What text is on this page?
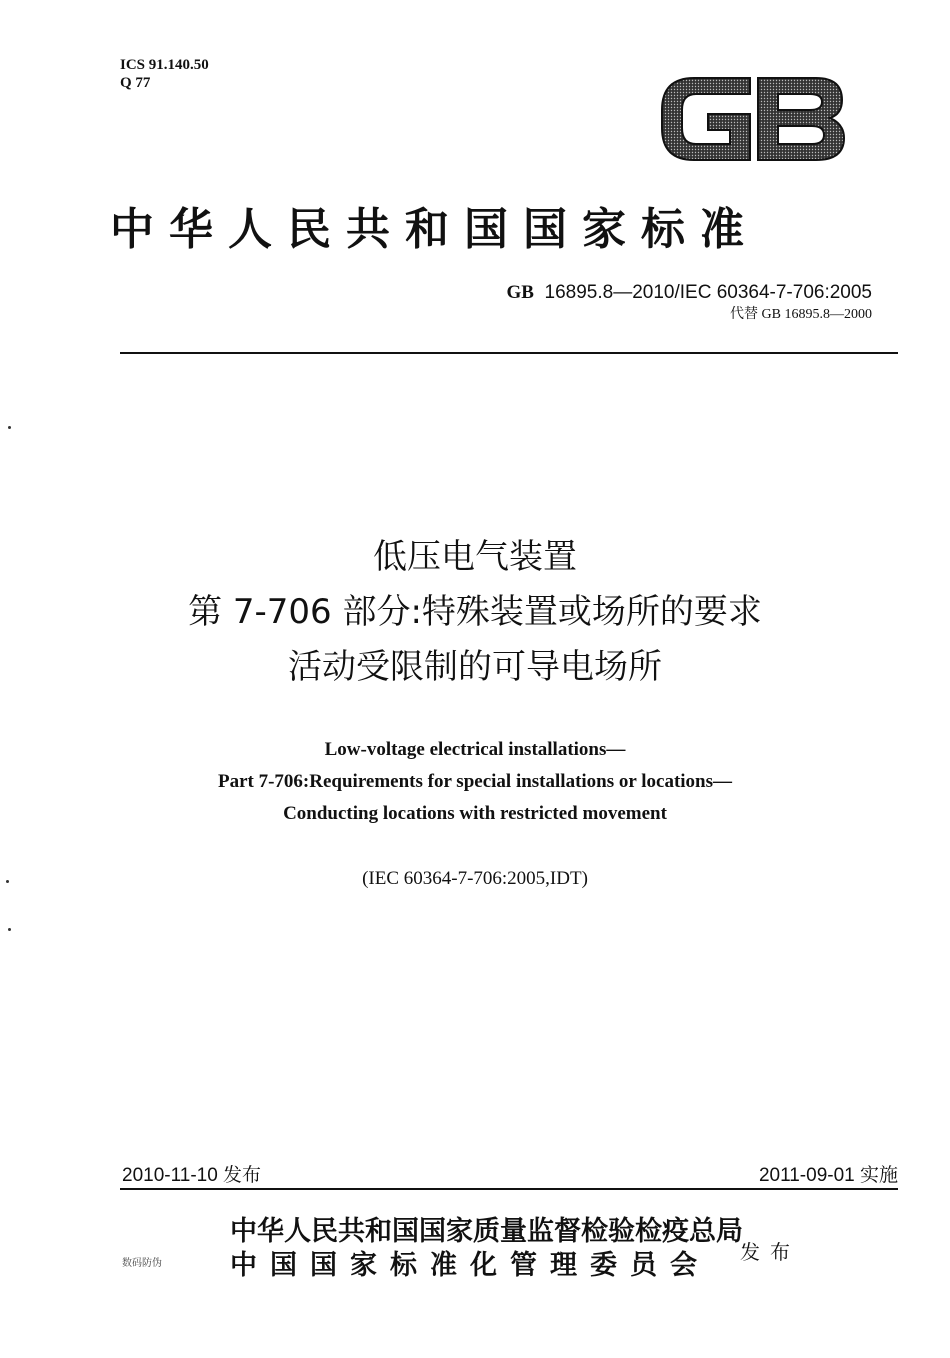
ICS 91.140.50
Q 77
GB
中华人民共和国国家标准
GB 16895.8—2010/IEC 60364-7-706:2005
代替 GB 16895.8—2000
低压电气装置
第 7-706 部分:特殊装置或场所的要求
活动受限制的可导电场所
Low-voltage electrical installations—
Part 7-706:Requirements for special installations or locations—
Conducting locations with restricted movement
(IEC 60364-7-706:2005,IDT)
2010-11-10 发布	2011-09-01 实施
中华人民共和国国家质量监督检验检疫总局
中国国家标准化管理委员会 发布
数码防伪
